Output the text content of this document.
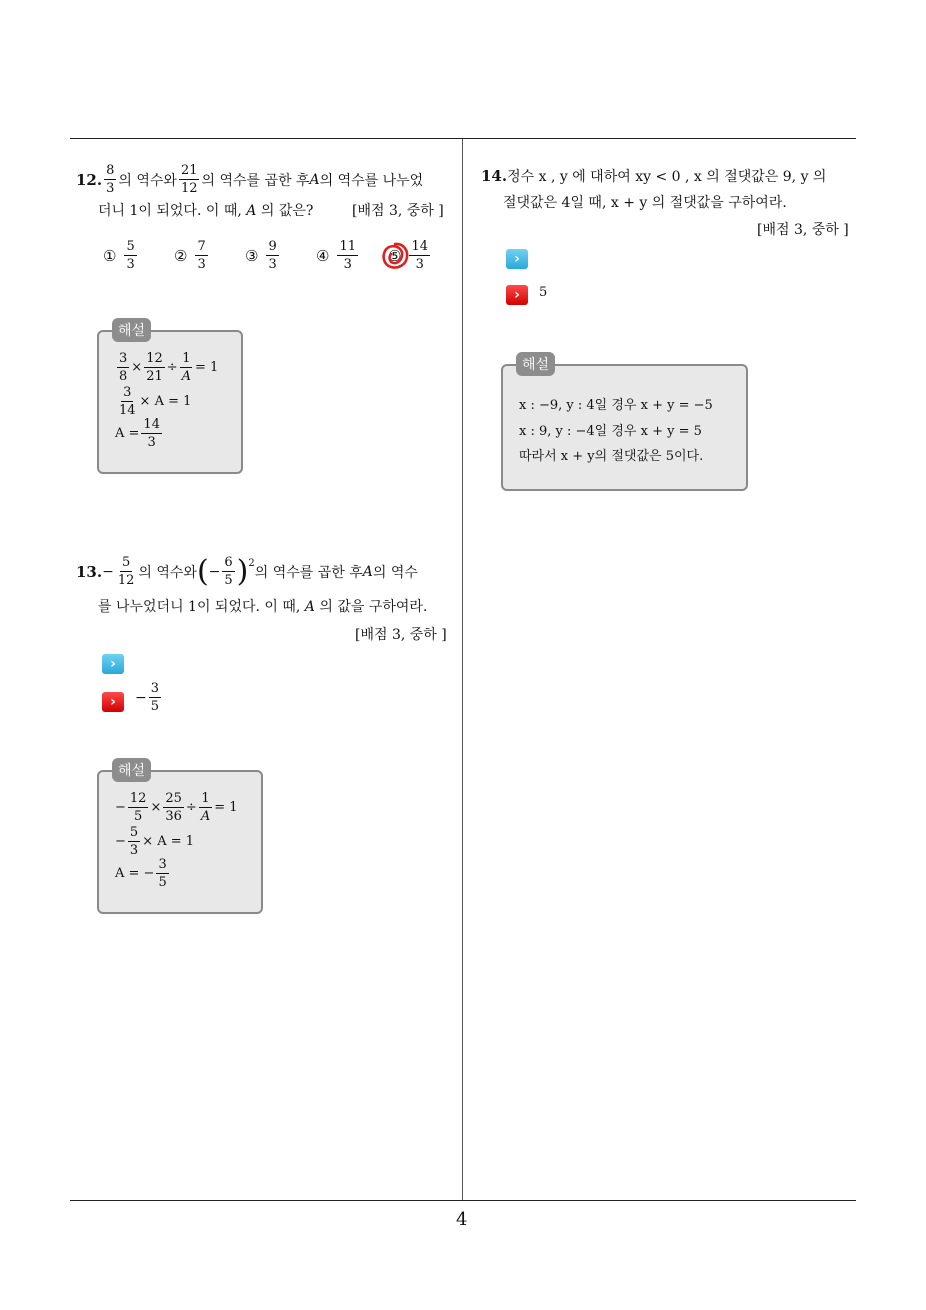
4
12. $\frac{8}{3}$ 의 역수와 $\frac{21}{12}$ 의 역수를 곱한 후 A 의 역수를 나누었
더니 1이 되었다. 이 때, A 의 값은?	[배점 3, 중하 ]
① $\frac{5}{3}$ ② $\frac{7}{3}$ ③ $\frac{9}{3}$ ④ $\frac{11}{3}$ ⑤ $\frac{14}{3}$
$\frac{3}{8} \times \frac{12}{21} \div \frac{1}{A} = 1$
$\frac{3}{14} \times A = 1$
$A = \frac{14}{3}$
해설
13. − $\frac{5}{12}$ 의 역수와 ( − $\frac{6}{5} )^2$
의 역수를 곱한 후 A 의 역수
를 나누었더니 1이 되었다. 이 때, A 의 값을 구하여라.
[배점 3, 중하 ]
›
›	− $\frac{3}{5}$
− $\frac{12}{5} \times \frac{25}{36} \div \frac{1}{A} = 1$
− $\frac{5}{3} \times A = 1$
A = − $\frac{3}{5}$
해설
14.정수 x , y 에 대하여 xy < 0 , x 의 절댓값은 9, y 의
절댓값은 4일 때, x + y 의 절댓값을 구하여라.
[배점 3, 중하 ]
›
›	5
x : −9, y : 4일 경우 x + y = −5
x : 9, y : −4일 경우 x + y = 5
따라서 x + y의 절댓값은 5이다.
해설
